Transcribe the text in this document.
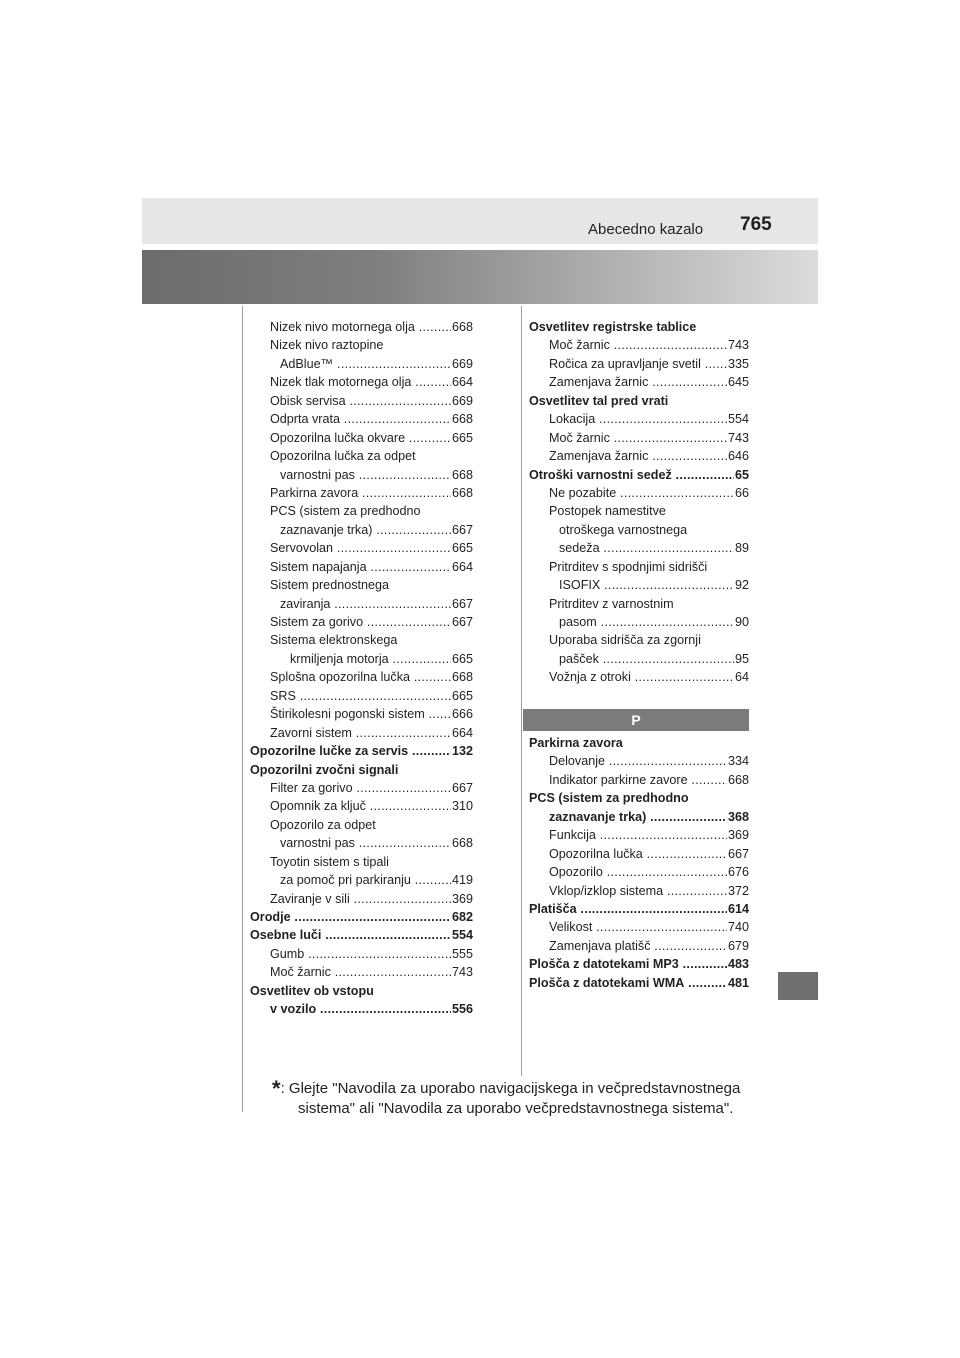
Abecedno kazalo 765
Nizek nivo motornega olja .....	668
Nizek nivo raztopine
AdBlue™ .....	669
Nizek tlak motornega olja .....	664
Obisk servisa .....	669
Odprta vrata .....	668
Opozorilna lučka okvare .....	665
Opozorilna lučka za odpet
varnostni pas .....	668
Parkirna zavora .....	668
PCS (sistem za predhodno
zaznavanje trka) .....	667
Servovolan .....	665
Sistem napajanja .....	664
Sistem prednostnega
zaviranja .....	667
Sistem za gorivo .....	667
Sistema elektronskega
krmiljenja motorja .....	665
Splošna opozorilna lučka .....	668
SRS .....	665
Štirikolesni pogonski sistem .....	666
Zavorni sistem .....	664
Opozorilne lučke za servis .....	132
Opozorilni zvočni signali
Filter za gorivo .....	667
Opomnik za ključ .....	310
Opozorilo za odpet
varnostni pas .....	668
Toyotin sistem s tipali
za pomoč pri parkiranju .....	419
Zaviranje v sili .....	369
Orodje .....	682
Osebne luči .....	554
Gumb .....	555
Moč žarnic .....	743
Osvetlitev ob vstopu
v vozilo .....	556
Osvetlitev registrske tablice
Moč žarnic .....	743
Ročica za upravljanje svetil .....	335
Zamenjava žarnic .....	645
Osvetlitev tal pred vrati
Lokacija .....	554
Moč žarnic .....	743
Zamenjava žarnic .....	646
Otroški varnostni sedež .....	65
Ne pozabite .....	66
Postopek namestitve
otroškega varnostnega
sedeža .....	89
Pritrditev s spodnjimi sidrišči
ISOFIX .....	92
Pritrditev z varnostnim
pasom .....	90
Uporaba sidrišča za zgornji
pašček .....	95
Vožnja z otroki .....	64
P
Parkirna zavora
Delovanje .....	334
Indikator parkirne zavore .....	668
PCS (sistem za predhodno
zaznavanje trka) .....	368
Funkcija .....	369
Opozorilna lučka .....	667
Opozorilo .....	676
Vklop/izklop sistema .....	372
Platišča .....	614
Velikost .....	740
Zamenjava platišč .....	679
Plošča z datotekami MP3 .....	483
Plošča z datotekami WMA .....	481
*: Glejte "Navodila za uporabo navigacijskega in večpredstavnostnega
sistema" ali "Navodila za uporabo večpredstavnostnega sistema".
